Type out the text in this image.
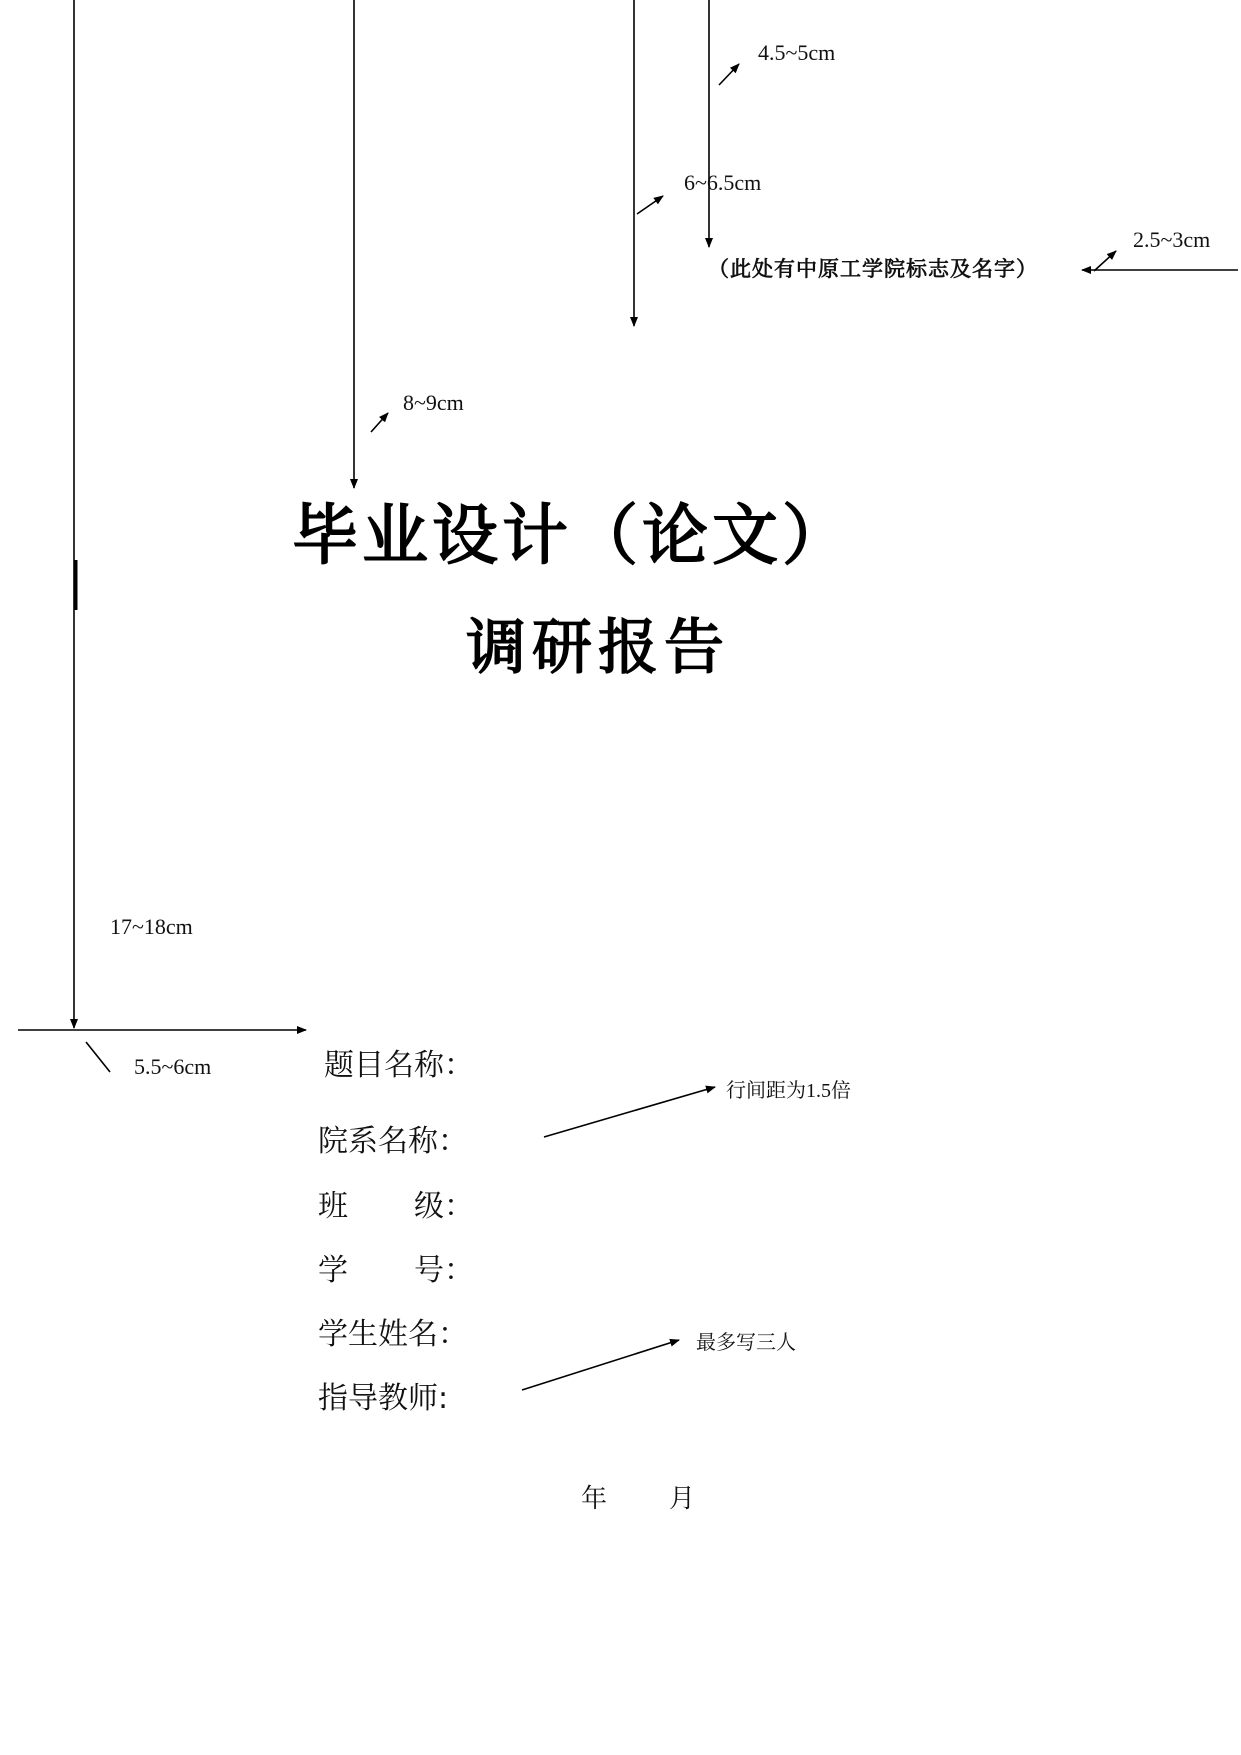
4.5~5cm
6~6.5cm
（此处有中原工学院标志及名字）
2.5~3cm
8~9cm
17~18cm
5.5~6cm
行间距为1.5倍
最多写三人
毕业设计（论文）
调研报告
题目名称：
院系名称：
班 级：
学 号：
学生姓名：
指导教师:
年 月
